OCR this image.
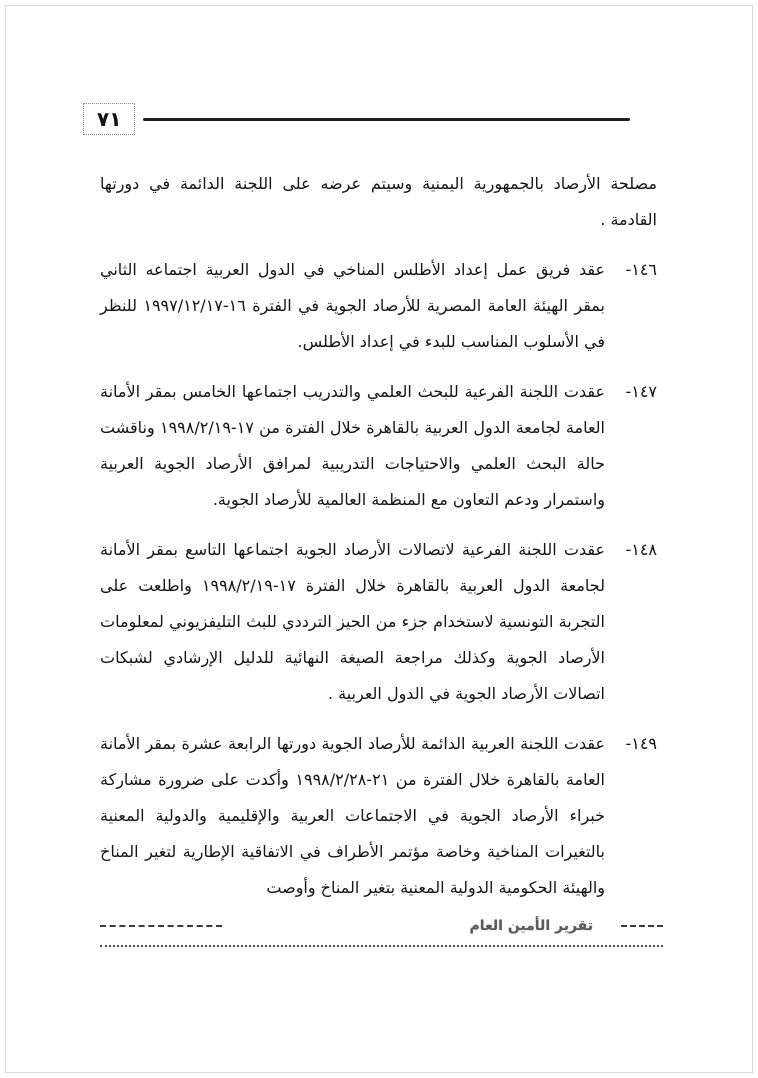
٧١

مصلحة الأرصاد بالجمهورية اليمنية وسيتم عرضه على اللجنة الدائمة في دورتها القادمة .

١٤٦-
عقد فريق عمل إعداد الأطلس المناخي في الدول العربية اجتماعه الثاني بمقر الهيئة العامة المصرية للأرصاد الجوية في الفترة ١٦-١٩٩٧/١٢/١٧ للنظر في الأسلوب المناسب للبدء في إعداد الأطلس.
١٤٧-
عقدت اللجنة الفرعية للبحث العلمي والتدريب اجتماعها الخامس بمقر الأمانة العامة لجامعة الدول العربية بالقاهرة خلال الفترة من ١٧-١٩٩٨/٢/١٩ وناقشت حالة البحث العلمي والاحتياجات التدريبية لمرافق الأرصاد الجوية العربية واستمرار ودعم التعاون مع المنظمة العالمية للأرصاد الجوية.
١٤٨-
عقدت اللجنة الفرعية لاتصالات الأرصاد الجوية اجتماعها التاسع بمقر الأمانة لجامعة الدول العربية بالقاهرة خلال الفترة ١٧-١٩٩٨/٢/١٩ واطلعت على التجربة التونسية لاستخدام جزء من الحيز الترددي للبث التليفزيوني لمعلومات الأرصاد الجوية وكذلك مراجعة الصيغة النهائية للدليل الإرشادي لشبكات اتصالات الأرصاد الجوية في الدول العربية .
١٤٩-
عقدت اللجنة العربية الدائمة للأرصاد الجوية دورتها الرابعة عشرة بمقر الأمانة العامة بالقاهرة خلال الفترة من ٢١-١٩٩٨/٢/٢٨ وأكدت على ضرورة مشاركة خبراء الأرصاد الجوية في الاجتماعات العربية والإقليمية والدولية المعنية بالتغيرات المناخية وخاصة مؤتمر الأطراف في الاتفاقية الإطارية لتغير المناخ والهيئة الحكومية الدولية المعنية بتغير المناخ وأوصت
تقرير الأمين العام
